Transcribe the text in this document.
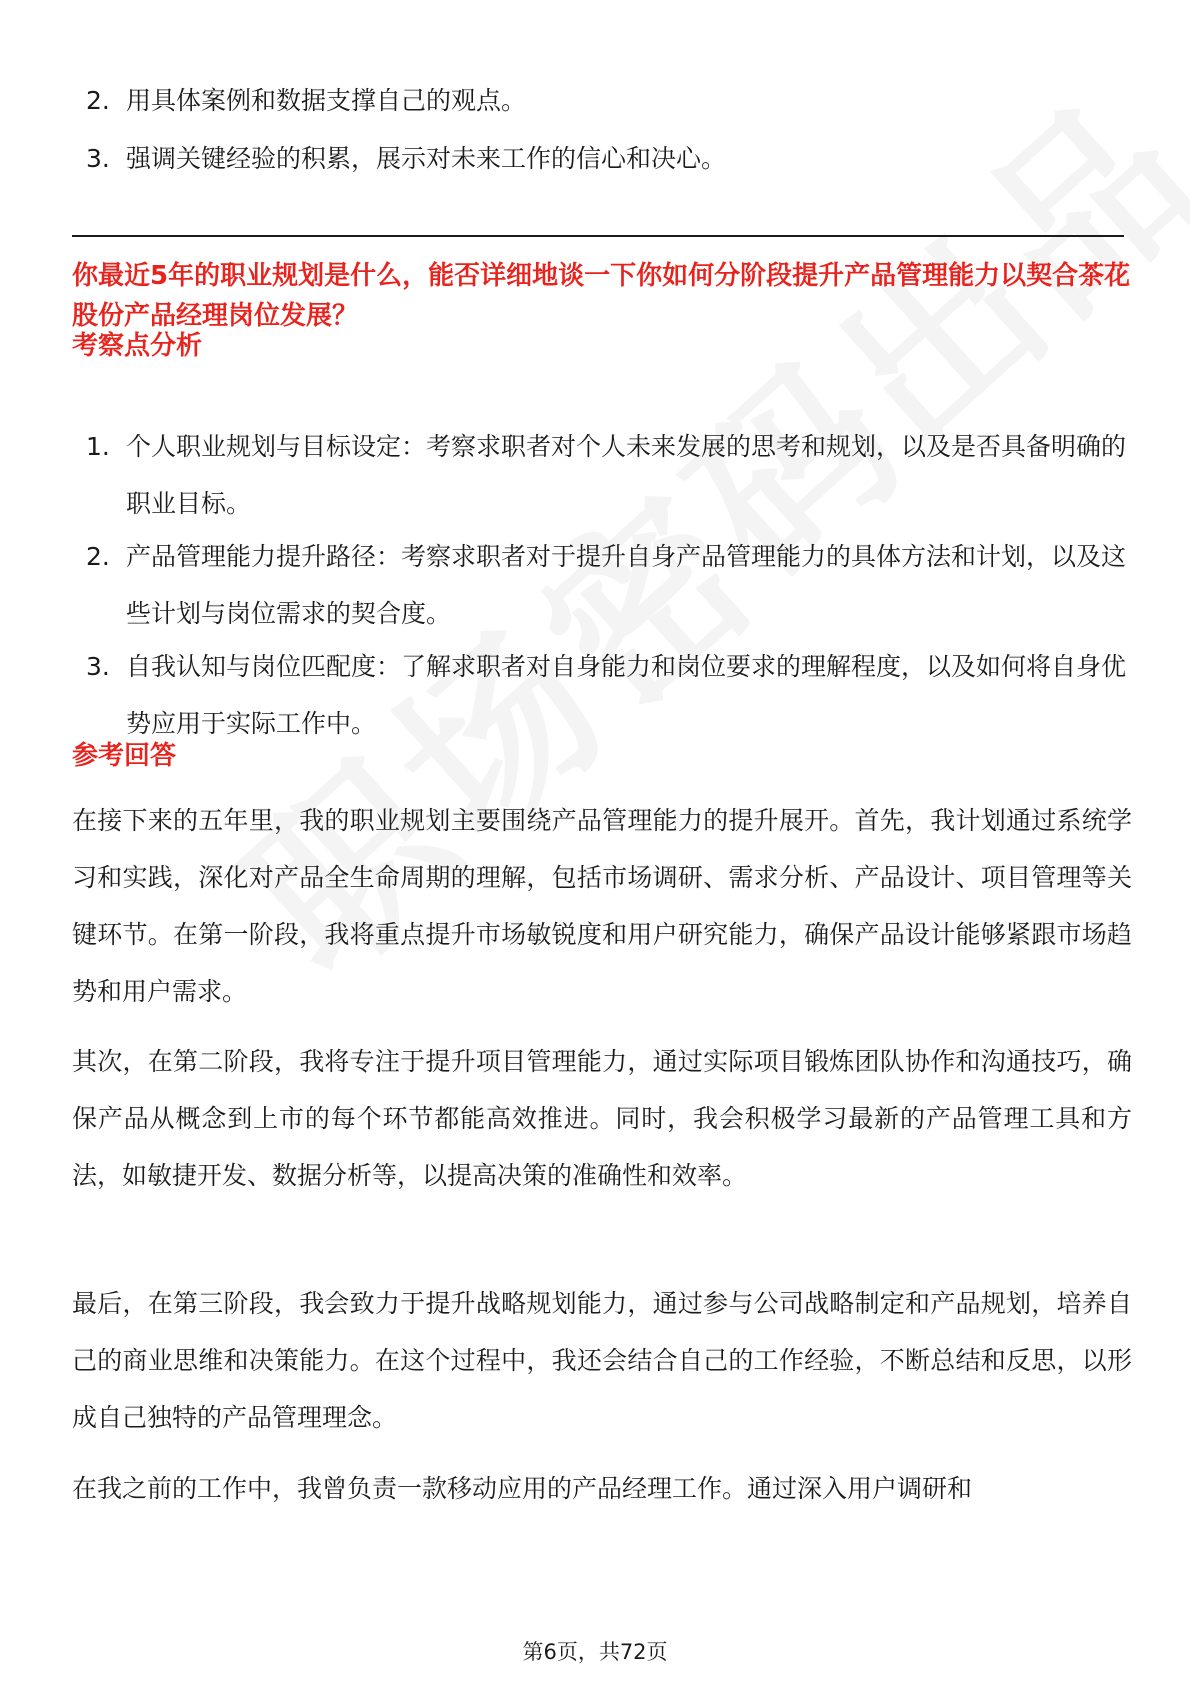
2. 用具体案例和数据支撑自己的观点。
3. 强调关键经验的积累，展示对未来工作的信心和决心。
你最近5年的职业规划是什么，能否详细地谈一下你如何分阶段提升产品管理能力以契合茶花股份产品经理岗位发展？
考察点分析
1. 个人职业规划与目标设定：考察求职者对个人未来发展的思考和规划，以及是否具备明确的职业目标。
2. 产品管理能力提升路径：考察求职者对于提升自身产品管理能力的具体方法和计划，以及这些计划与岗位需求的契合度。
3. 自我认知与岗位匹配度：了解求职者对自身能力和岗位要求的理解程度，以及如何将自身优势应用于实际工作中。
参考回答
在接下来的五年里，我的职业规划主要围绕产品管理能力的提升展开。首先，我计划通过系统学习和实践，深化对产品全生命周期的理解，包括市场调研、需求分析、产品设计、项目管理等关键环节。在第一阶段，我将重点提升市场敏锐度和用户研究能力，确保产品设计能够紧跟市场趋势和用户需求。
其次，在第二阶段，我将专注于提升项目管理能力，通过实际项目锻炼团队协作和沟通技巧，确保产品从概念到上市的每个环节都能高效推进。同时，我会积极学习最新的产品管理工具和方法，如敏捷开发、数据分析等，以提高决策的准确性和效率。
最后，在第三阶段，我会致力于提升战略规划能力，通过参与公司战略制定和产品规划，培养自己的商业思维和决策能力。在这个过程中，我还会结合自己的工作经验，不断总结和反思，以形成自己独特的产品管理理念。
在我之前的工作中，我曾负责一款移动应用的产品经理工作。通过深入用户调研和
第6页，共72页
